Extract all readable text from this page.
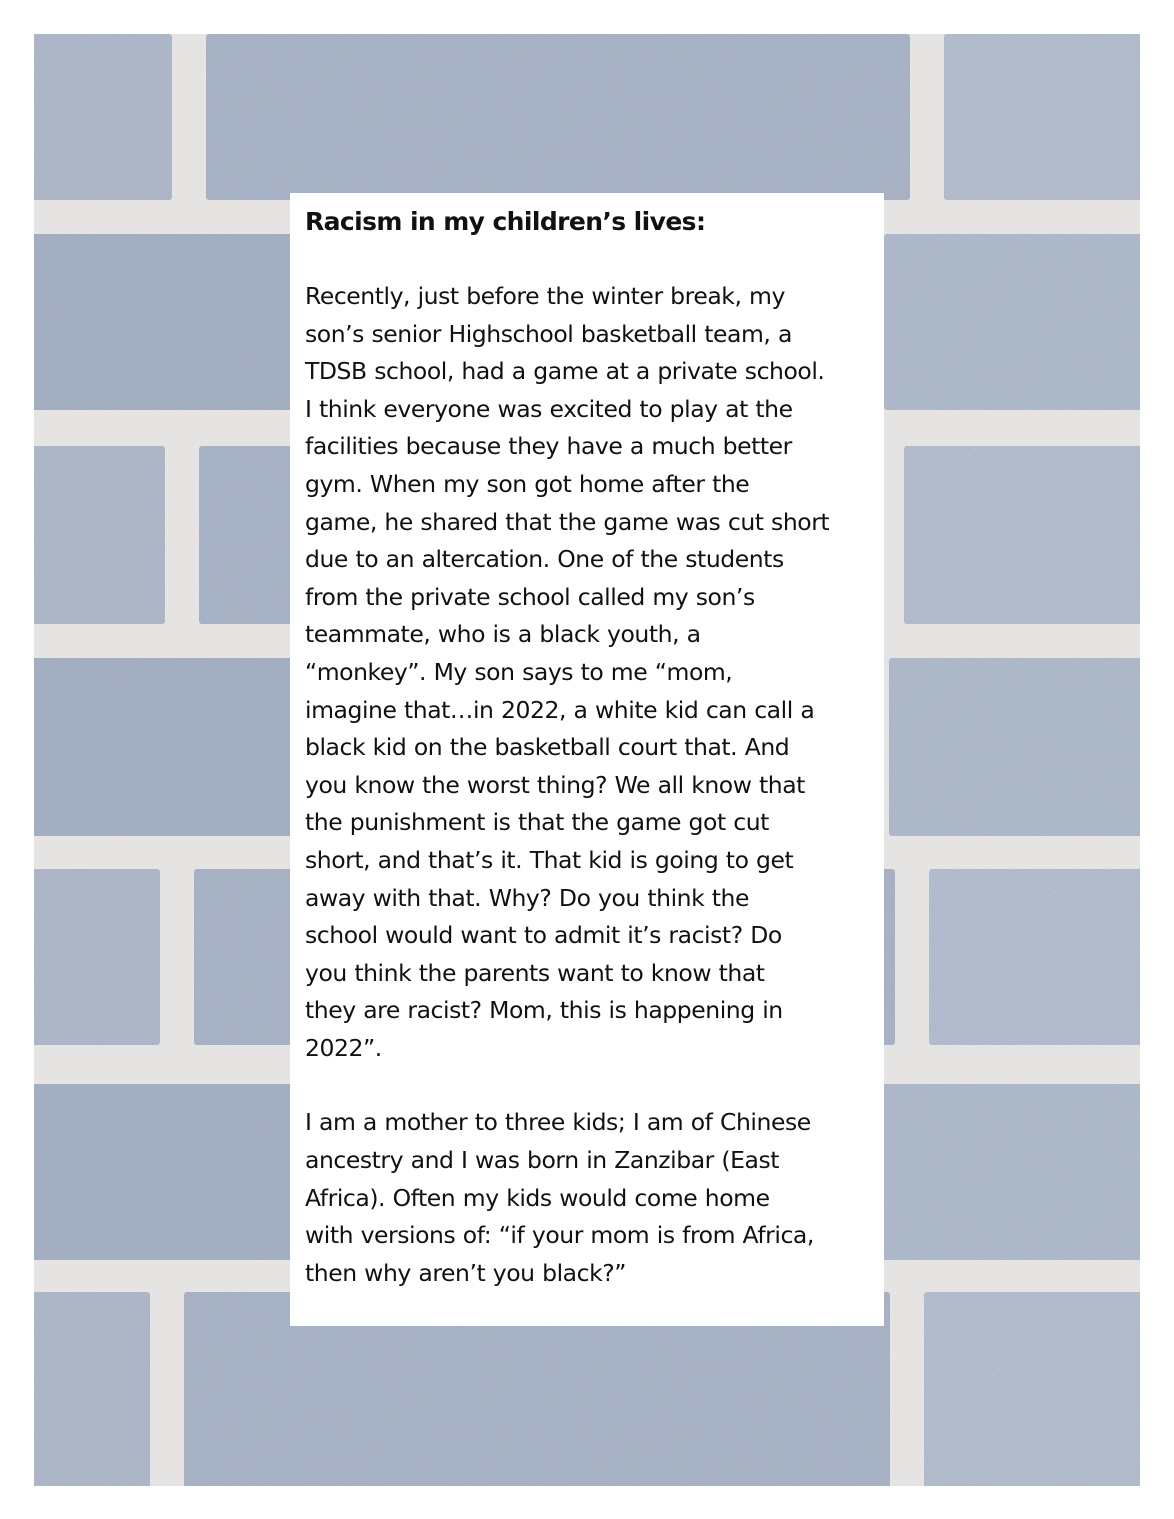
Racism in my children’s lives:

Recently, just before the winter break, my
son’s senior Highschool basketball team, a
TDSB school, had a game at a private school.
I think everyone was excited to play at the
facilities because they have a much better
gym. When my son got home after the
game, he shared that the game was cut short
due to an altercation. One of the students
from the private school called my son’s
teammate, who is a black youth, a
“monkey”. My son says to me “mom,
imagine that…in 2022, a white kid can call a
black kid on the basketball court that. And
you know the worst thing? We all know that
the punishment is that the game got cut
short, and that’s it. That kid is going to get
away with that. Why? Do you think the
school would want to admit it’s racist? Do
you think the parents want to know that
they are racist? Mom, this is happening in
2022”.

I am a mother to three kids; I am of Chinese
ancestry and I was born in Zanzibar (East
Africa). Often my kids would come home
with versions of: “if your mom is from Africa,
then why aren’t you black?”
